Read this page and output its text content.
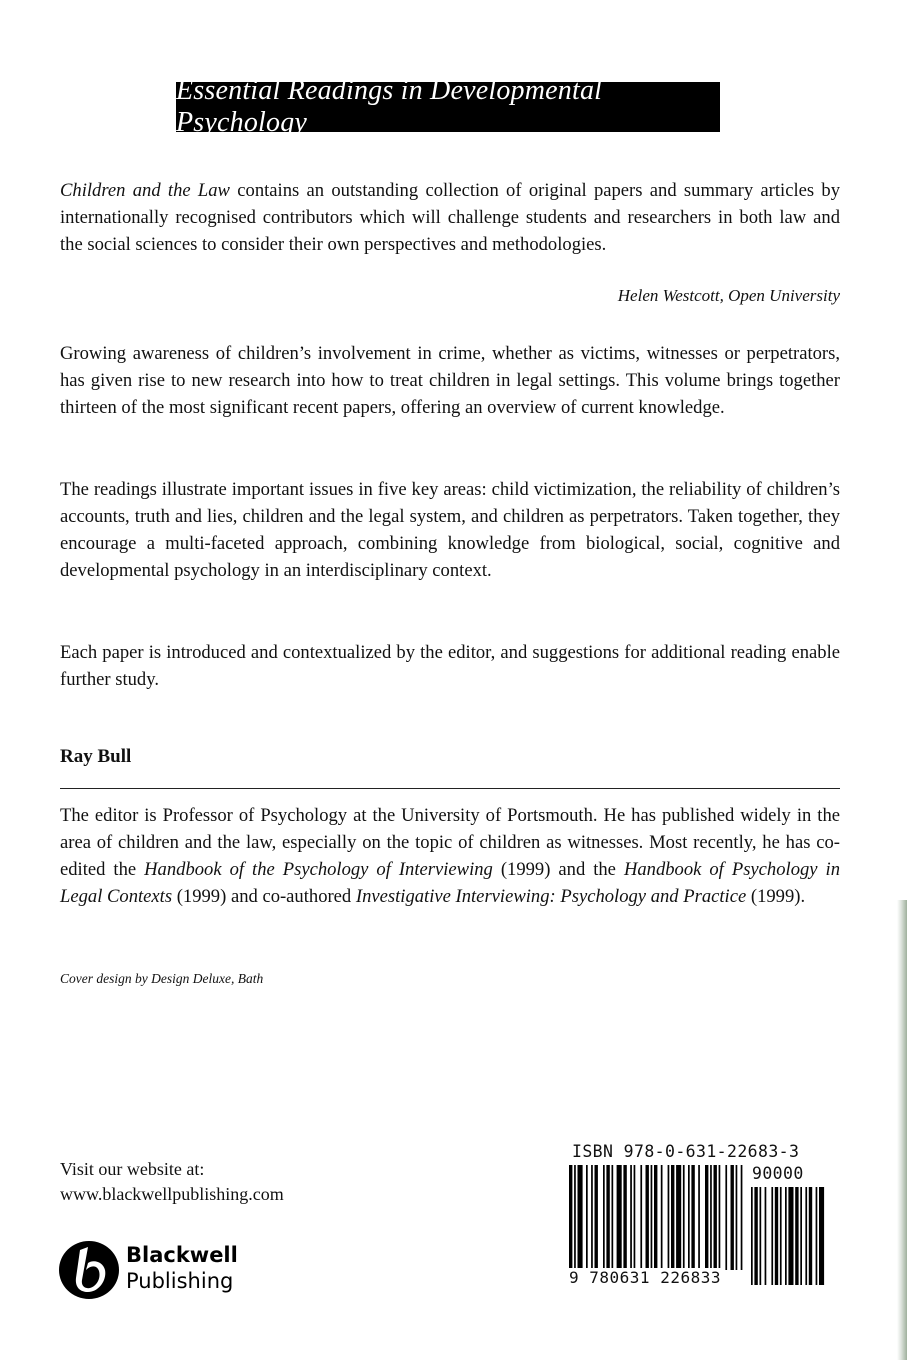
Essential Readings in Developmental Psychology
Children and the Law contains an outstanding collection of original papers and summary articles by internationally recognised contributors which will challenge students and researchers in both law and the social sciences to consider their own perspectives and methodologies.
Helen Westcott, Open University
Growing awareness of children’s involvement in crime, whether as victims, witnesses or perpetrators, has given rise to new research into how to treat children in legal settings. This volume brings together thirteen of the most significant recent papers, offering an overview of current knowledge.
The readings illustrate important issues in five key areas: child victimization, the reliability of children’s accounts, truth and lies, children and the legal system, and children as perpetrators. Taken together, they encourage a multi-faceted approach, combining knowledge from biological, social, cognitive and developmental psychology in an interdisciplinary context.
Each paper is introduced and contextualized by the editor, and suggestions for additional reading enable further study.
Ray Bull
The editor is Professor of Psychology at the University of Portsmouth. He has published widely in the area of children and the law, especially on the topic of children as witnesses. Most recently, he has co-edited the Handbook of the Psychology of Interviewing (1999) and the Handbook of Psychology in Legal Contexts (1999) and co-authored Investigative Interviewing: Psychology and Practice (1999).
Cover design by Design Deluxe, Bath
Visit our website at:
www.blackwellpublishing.com
Blackwell
Publishing
ISBN 978-0-631-22683-3
90000
9 780631 226833
